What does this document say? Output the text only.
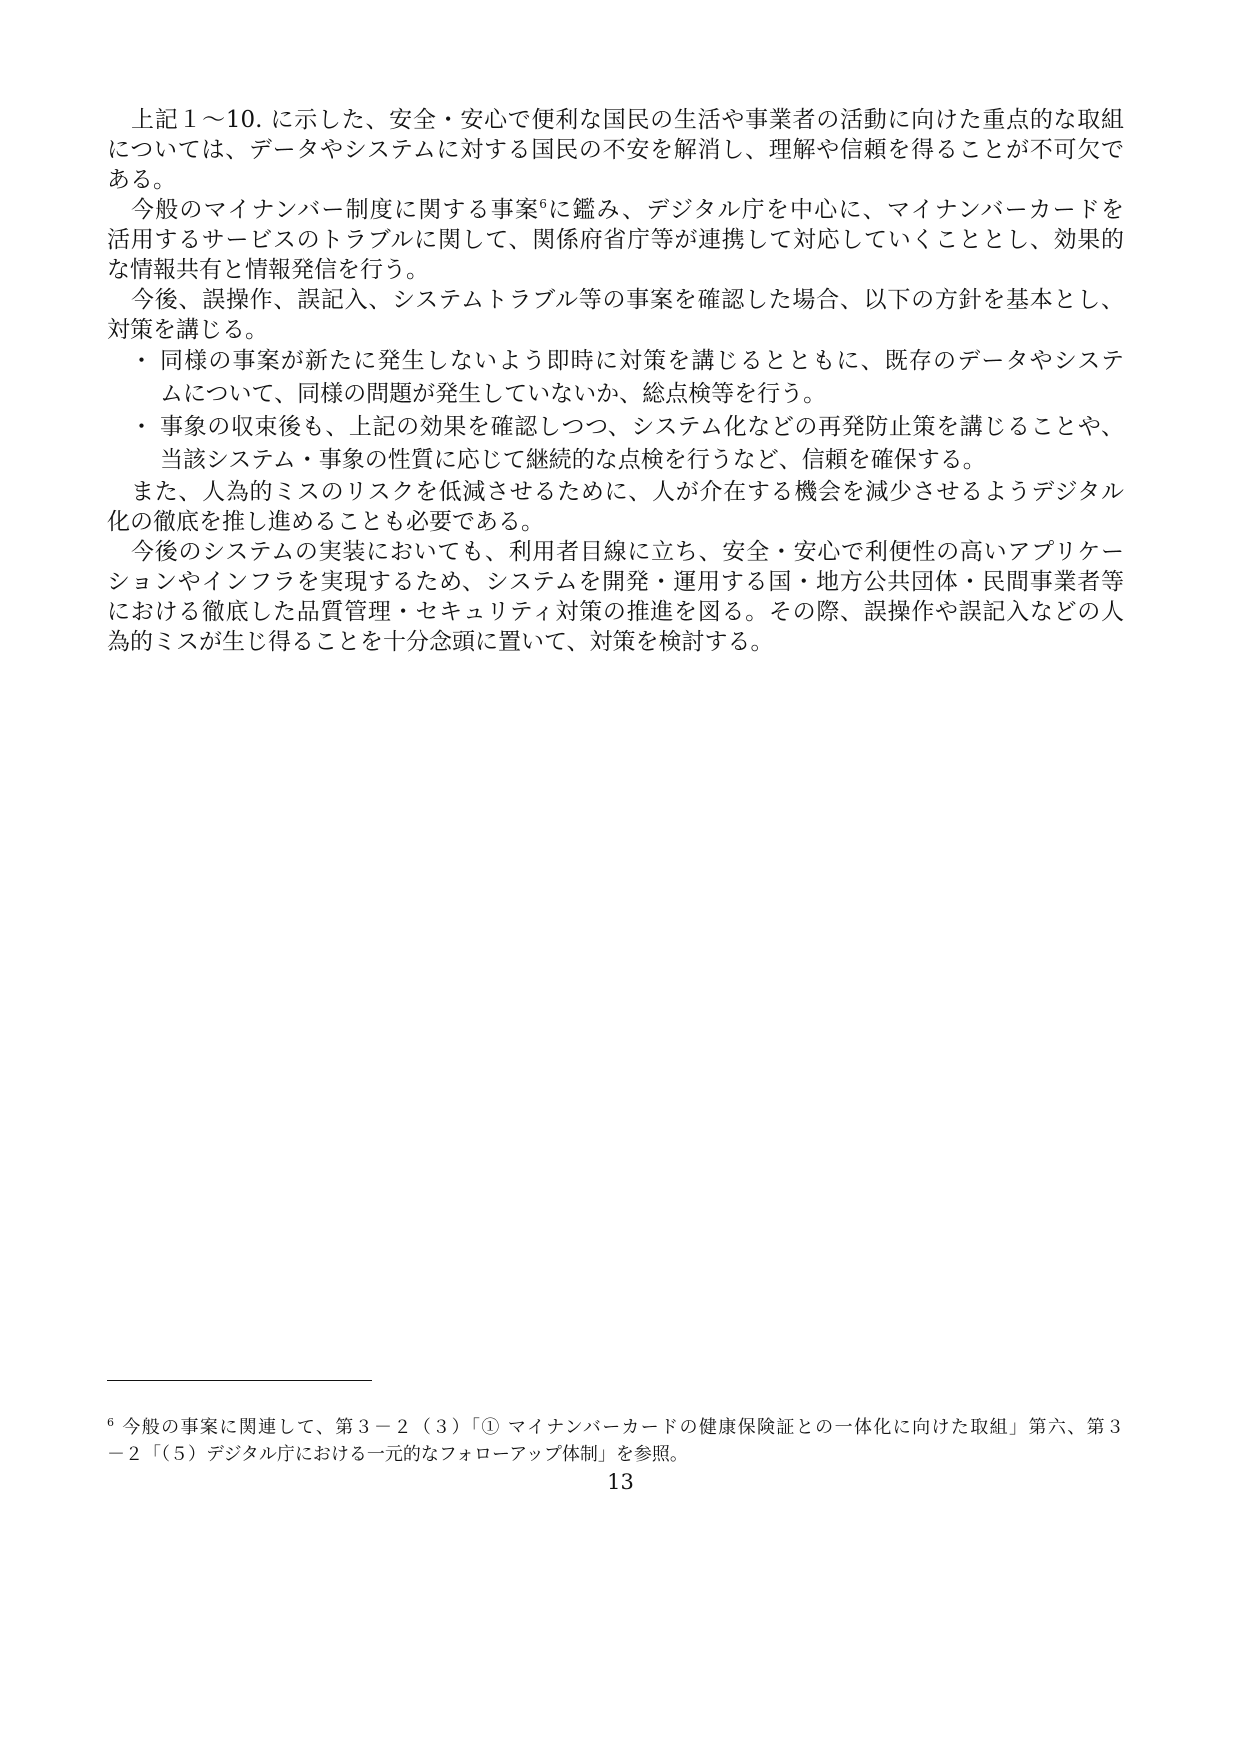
上記１〜10. に示した、安全・安心で便利な国民の生活や事業者の活動に向けた重点的な取組
については、データやシステムに対する国民の不安を解消し、理解や信頼を得ることが不可欠で
ある。
今般のマイナンバー制度に関する事案$^6$に鑑み、デジタル庁を中心に、マイナンバーカードを
活用するサービスのトラブルに関して、関係府省庁等が連携して対応していくこととし、効果的
な情報共有と情報発信を行う。
今後、誤操作、誤記入、システムトラブル等の事案を確認した場合、以下の方針を基本とし、
対策を講じる。
・ 同様の事案が新たに発生しないよう即時に対策を講じるとともに、既存のデータやシステ
ムについて、同様の問題が発生していないか、総点検等を行う。
・ 事象の収束後も、上記の効果を確認しつつ、システム化などの再発防止策を講じることや、
当該システム・事象の性質に応じて継続的な点検を行うなど、信頼を確保する。
また、人為的ミスのリスクを低減させるために、人が介在する機会を減少させるようデジタル
化の徹底を推し進めることも必要である。
今後のシステムの実装においても、利用者目線に立ち、安全・安心で利便性の高いアプリケー
ションやインフラを実現するため、システムを開発・運用する国・地方公共団体・民間事業者等
における徹底した品質管理・セキュリティ対策の推進を図る。その際、誤操作や誤記入などの人
為的ミスが生じ得ることを十分念頭に置いて、対策を検討する。
$^6$ 今般の事案に関連して、第３－２（３）「① マイナンバーカードの健康保険証との一体化に向けた取組」第六、第３
－２「（５）デジタル庁における一元的なフォローアップ体制」を参照。
13
